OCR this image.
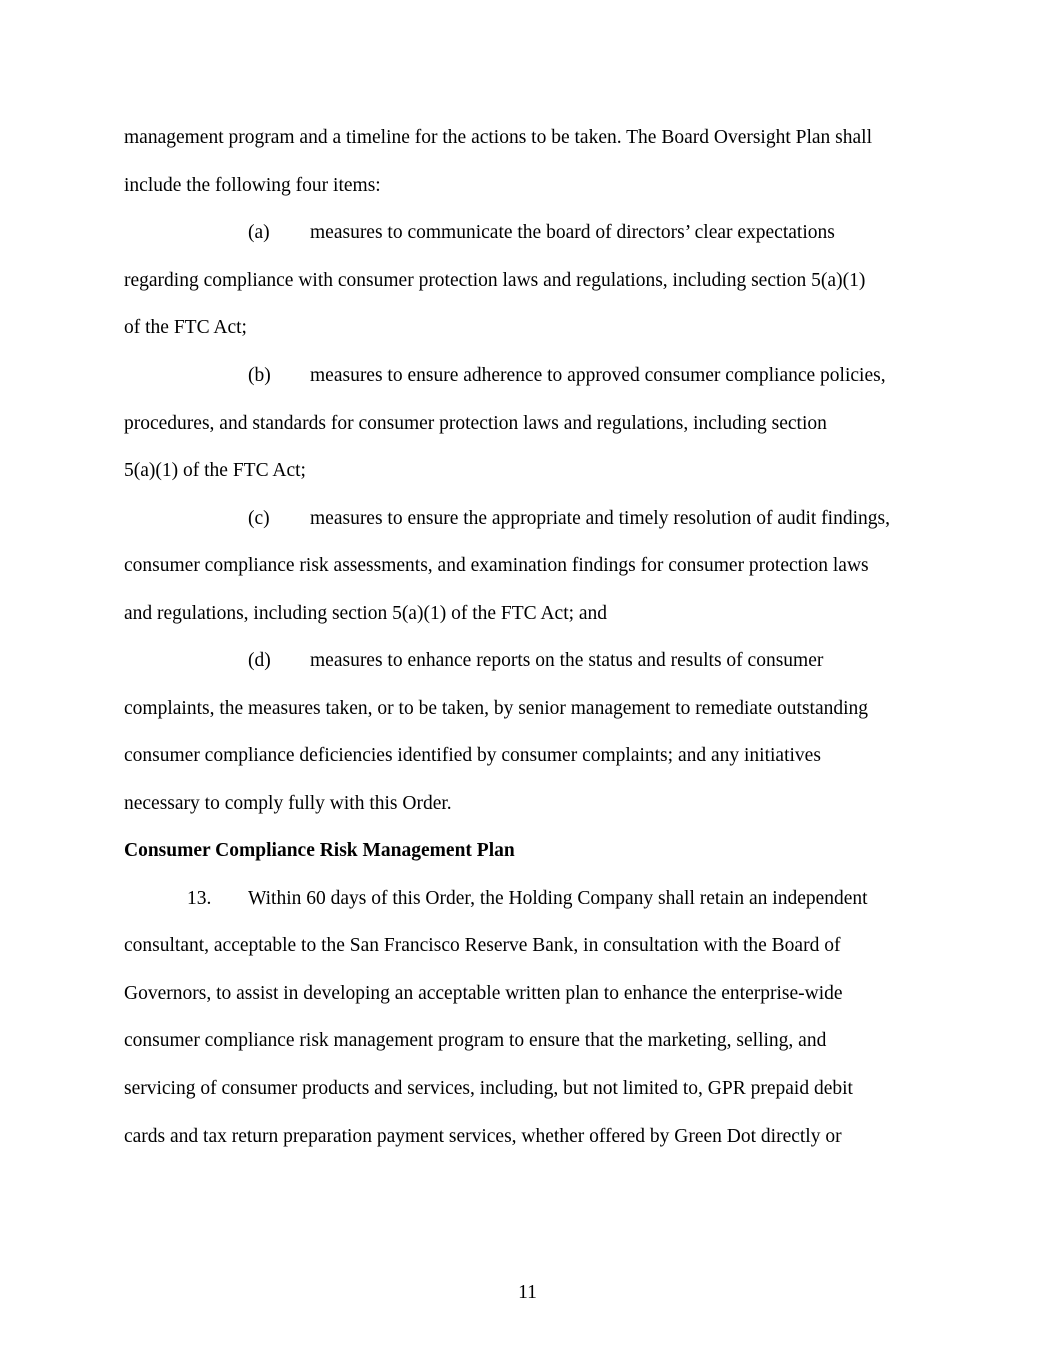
management program and a timeline for the actions to be taken. The Board Oversight Plan shall
include the following four items:
(a) measures to communicate the board of directors’ clear expectations
regarding compliance with consumer protection laws and regulations, including section 5(a)(1)
of the FTC Act;
(b) measures to ensure adherence to approved consumer compliance policies,
procedures, and standards for consumer protection laws and regulations, including section
5(a)(1) of the FTC Act;
(c) measures to ensure the appropriate and timely resolution of audit findings,
consumer compliance risk assessments, and examination findings for consumer protection laws
and regulations, including section 5(a)(1) of the FTC Act; and
(d) measures to enhance reports on the status and results of consumer
complaints, the measures taken, or to be taken, by senior management to remediate outstanding
consumer compliance deficiencies identified by consumer complaints; and any initiatives
necessary to comply fully with this Order.
Consumer Compliance Risk Management Plan
13. Within 60 days of this Order, the Holding Company shall retain an independent
consultant, acceptable to the San Francisco Reserve Bank, in consultation with the Board of
Governors, to assist in developing an acceptable written plan to enhance the enterprise-wide
consumer compliance risk management program to ensure that the marketing, selling, and
servicing of consumer products and services, including, but not limited to, GPR prepaid debit
cards and tax return preparation payment services, whether offered by Green Dot directly or
11
